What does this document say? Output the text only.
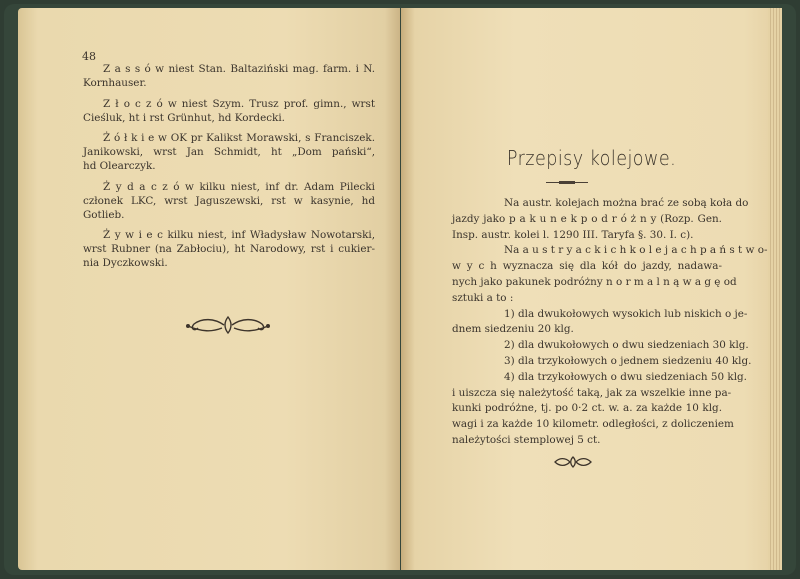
48
Z a s s ó w niest Stan. Baltaziński mag. farm. i N.
Kornhauser.
Z ł o c z ó w niest Szym. Trusz prof. gimn., wrst
Cieśluk, ht i rst Grünhut, hd Kordecki.
Ż ó ł k i e w OK pr Kalikst Morawski, s Franciszek.
Janikowski, wrst Jan Schmidt, ht „Dom pański“,
hd Olearczyk.
Ż y d a c z ó w kilku niest, inf dr. Adam Pilecki
członek LKC, wrst Jaguszewski, rst w kasynie, hd
Gotlieb.
Ż y w i e c kilku niest, inf Władysław Nowotarski,
wrst Rubner (na Zabłociu), ht Narodowy, rst i cukier-
nia Dyczkowski.
Przepisy kolejowe.
Na austr. kolejach można brać ze sobą koła do
jazdy jako p a k u n e k p o d r ó ż n y (Rozp. Gen.
Insp. austr. kolei l. 1290 III. Taryfa §. 30. I. c).
Na a u s t r y a c k i c h k o l e j a c h p a ń s t w o-
w y c h wyznacza się dla kół do jazdy, nadawa-
nych jako pakunek podróżny n o r m a l n ą w a g ę od
sztuki a to :
1) dla dwukołowych wysokich lub niskich o je-
dnem siedzeniu 20 klg.
2) dla dwukołowych o dwu siedzeniach 30 klg.
3) dla trzykołowych o jednem siedzeniu 40 klg.
4) dla trzykołowych o dwu siedzeniach 50 klg.
i uiszcza się należytość taką, jak za wszelkie inne pa-
kunki podróżne, tj. po 0·2 ct. w. a. za każde 10 klg.
wagi i za każde 10 kilometr. odległości, z doliczeniem
należytości stemplowej 5 ct.
